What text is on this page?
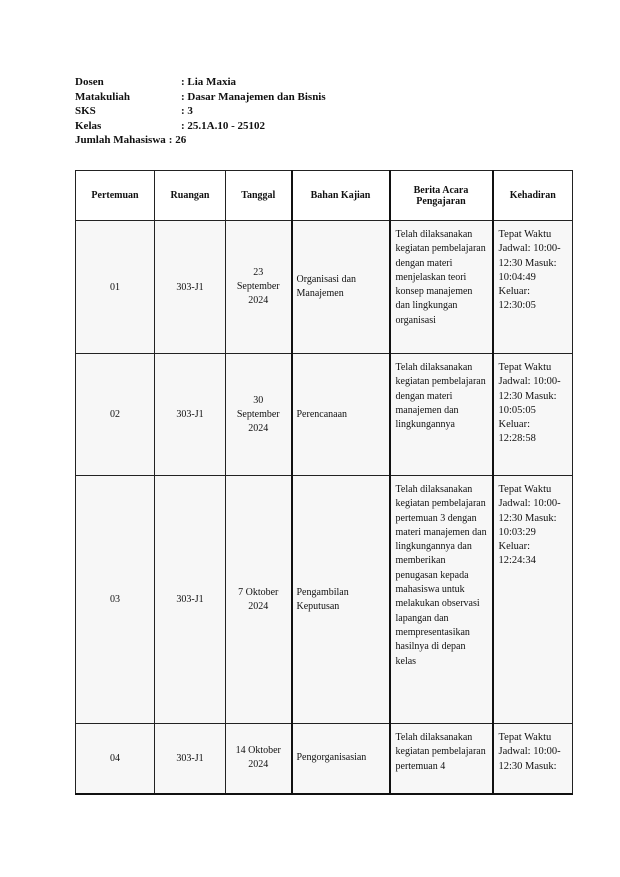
Dosen	: Lia Maxia
Matakuliah	: Dasar Manajemen dan Bisnis
SKS	: 3
Kelas	: 25.1A.10 - 25102
Jumlah Mahasiswa : 26
Pertemuan	Ruangan	Tanggal	Bahan Kajian	Berita Acara Pengajaran	Kehadiran
01	303-J1	23 September 2024	Organisasi dan Manajemen	Telah dilaksanakan kegiatan pembelajaran dengan materi menjelaskan teori konsep manajemen dan lingkungan organisasi	Tepat Waktu Jadwal: 10:00-12:30 Masuk: 10:04:49 Keluar: 12:30:05
02	303-J1	30 September 2024	Perencanaan	Telah dilaksanakan kegiatan pembelajaran dengan materi manajemen dan lingkungannya	Tepat Waktu Jadwal: 10:00-12:30 Masuk: 10:05:05 Keluar: 12:28:58
03	303-J1	7 Oktober 2024	Pengambilan Keputusan	Telah dilaksanakan kegiatan pembelajaran pertemuan 3 dengan materi manajemen dan lingkungannya dan memberikan penugasan kepada mahasiswa untuk melakukan observasi lapangan dan mempresentasikan hasilnya di depan kelas	Tepat Waktu Jadwal: 10:00-12:30 Masuk: 10:03:29 Keluar: 12:24:34
04	303-J1	14 Oktober 2024	Pengorganisasian	Telah dilaksanakan kegiatan pembelajaran pertemuan 4	Tepat Waktu Jadwal: 10:00-12:30 Masuk:
